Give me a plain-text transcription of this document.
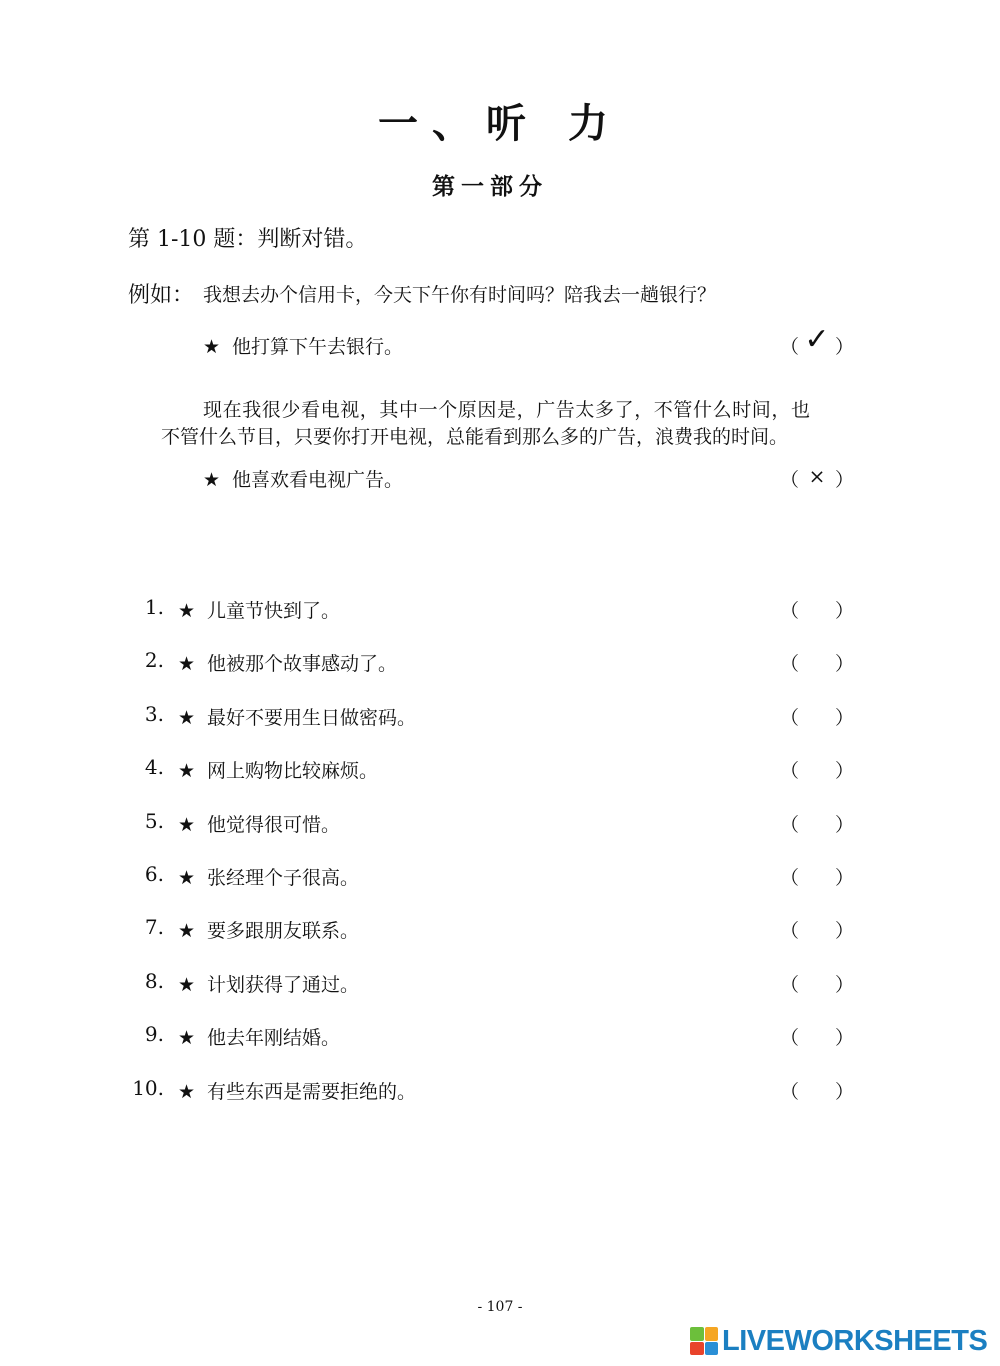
一、听 力
第一部分
第 1-10 题：判断对错。
例如： 我想去办个信用卡，今天下午你有时间吗？陪我去一趟银行？
★ 他打算下午去银行。	（ ✓ ）
现在我很少看电视，其中一个原因是，广告太多了，不管什么时间，也
不管什么节目，只要你打开电视，总能看到那么多的广告，浪费我的时间。
★ 他喜欢看电视广告。	（ × ）
1. ★ 儿童节快到了。	（ ）
2. ★ 他被那个故事感动了。	（ ）
3. ★ 最好不要用生日做密码。	（ ）
4. ★ 网上购物比较麻烦。	（ ）
5. ★ 他觉得很可惜。	（ ）
6. ★ 张经理个子很高。	（ ）
7. ★ 要多跟朋友联系。	（ ）
8. ★ 计划获得了通过。	（ ）
9. ★ 他去年刚结婚。	（ ）
10. ★ 有些东西是需要拒绝的。	（ ）
- 107 -
LIVEWORKSHEETS
